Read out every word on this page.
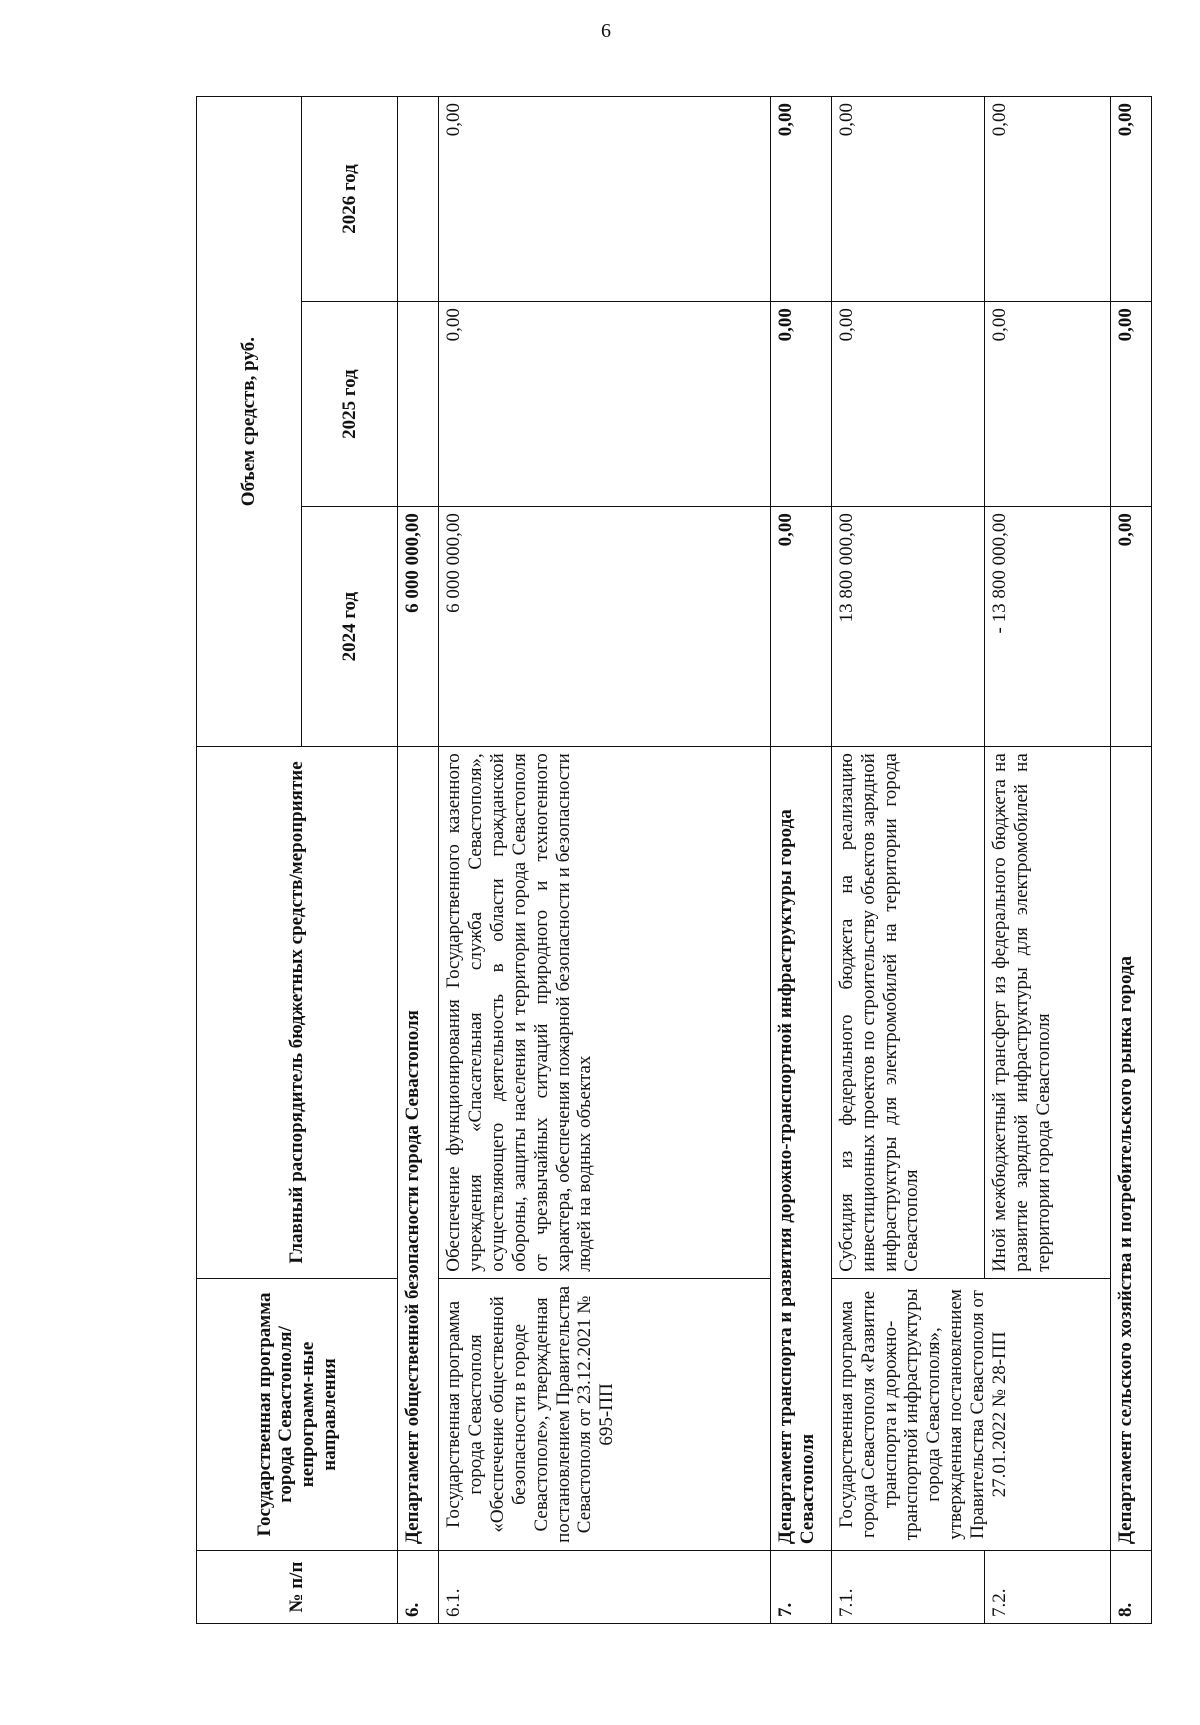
6
№ п/п	Государственная программа города Севастополя/непрограмм-ные направления	Главный распорядитель бюджетных средств/мероприятие	Объем средств, руб.		
			2024 год	2025 год	2026 год
6.	Департамент общественной безопасности города Севастополя		6 000 000,00		
6.1.	Государственная программа города Севастополя «Обеспечение общественной безопасности в городе Севастополе», утвержденная постановлением Правительства Севастополя от 23.12.2021 № 695-ПП	Обеспечение функционирования Государственного казенного учреждения «Спасательная служба Севастополя», осуществляющего деятельность в области гражданской обороны, защиты населения и территории города Севастополя от чрезвычайных ситуаций природного и техногенного характера, обеспечения пожарной безопасности и безопасности людей на водных объектах	6 000 000,00	0,00	0,00
7.	Департамент транспорта и развития дорожно-транспортной инфраструктуры города Севастополя		0,00	0,00	0,00
7.1.	Государственная программа города Севастополя «Развитие транспорта и дорожно-транспортной инфраструктуры города Севастополя», утвержденная постановлением Правительства Севастополя от 27.01.2022 № 28-ПП	Субсидия из федерального бюджета на реализацию инвестиционных проектов по строительству объектов зарядной инфраструктуры для электромобилей на территории города Севастополя	13 800 000,00	0,00	0,00
7.2.		Иной межбюджетный трансферт из федерального бюджета на развитие зарядной инфраструктуры для электромобилей на территории города Севастополя	- 13 800 000,00	0,00	0,00
8.	Департамент сельского хозяйства и потребительского рынка города		0,00	0,00	0,00
